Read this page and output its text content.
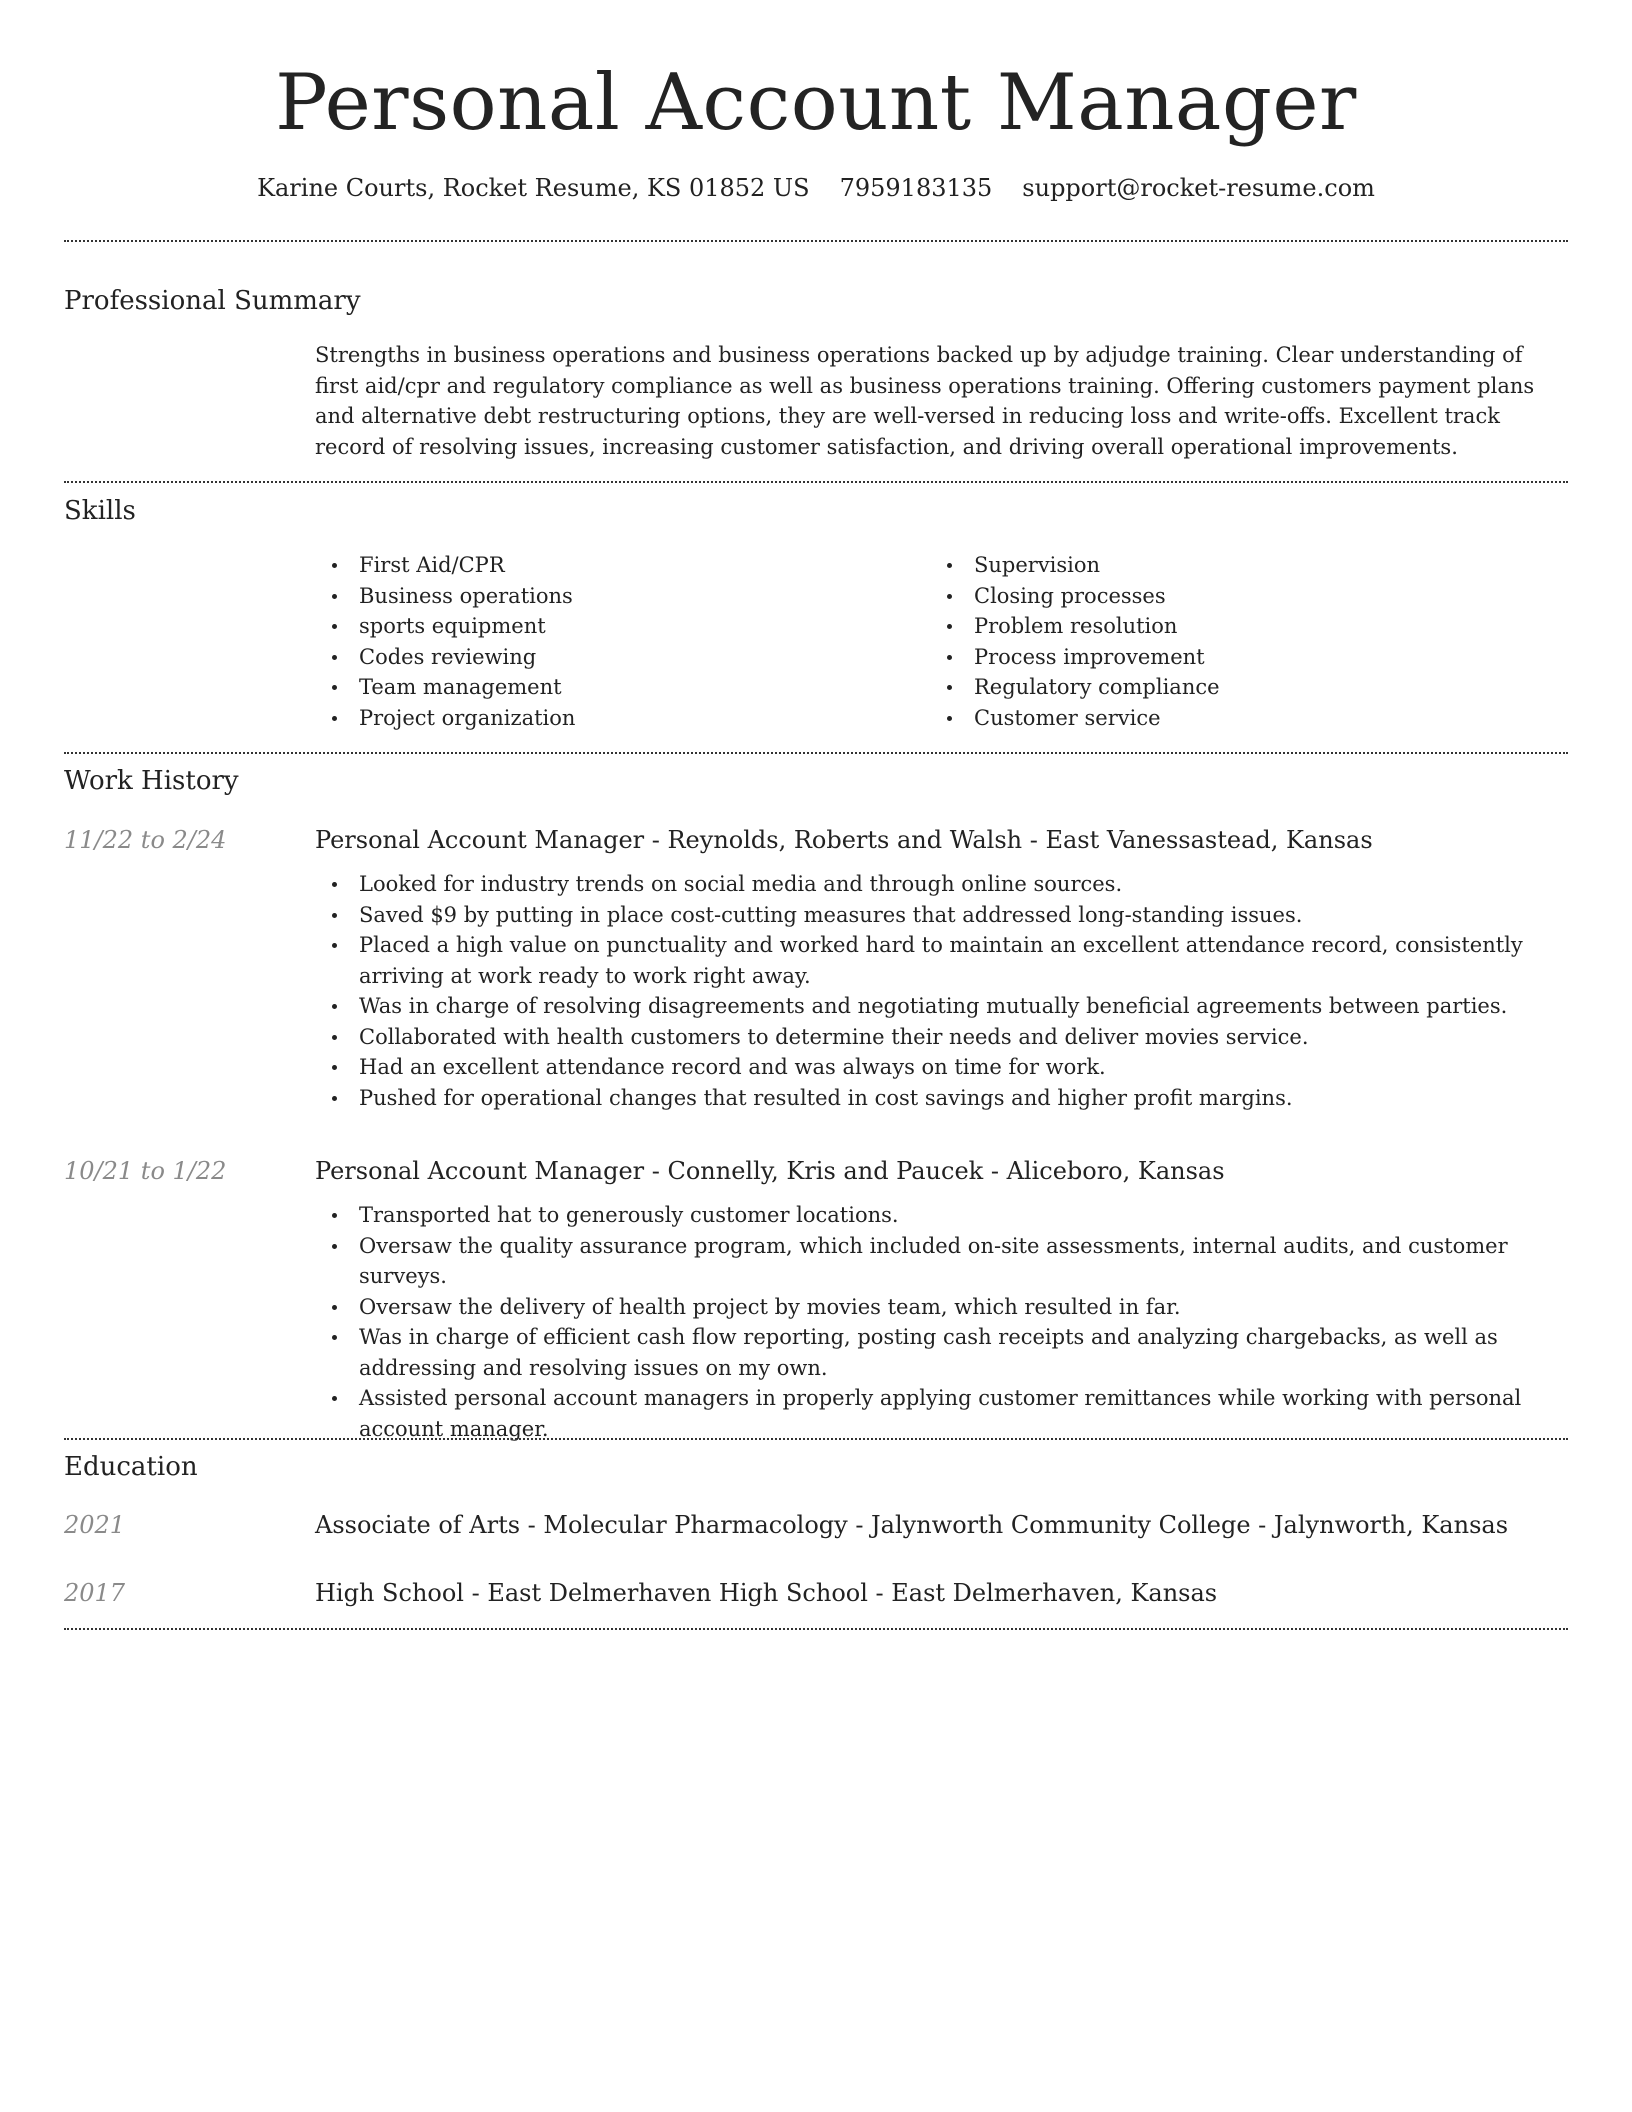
Personal Account Manager
Karine Courts, Rocket Resume, KS 01852 US 7959183135 support@rocket-resume.com
Professional Summary

Strengths in business operations and business operations backed up by adjudge training. Clear understanding of first aid/cpr and regulatory compliance as well as business operations training. Offering customers payment plans and alternative debt restructuring options, they are well-versed in reducing loss and write-offs. Excellent track record of resolving issues, increasing customer satisfaction, and driving overall operational improvements.

Skills
First Aid/CPR
Business operations
sports equipment
Codes reviewing
Team management
Project organization
Supervision
Closing processes
Problem resolution
Process improvement
Regulatory compliance
Customer service
Work History
11/22 to 2/24	Personal Account Manager - Reynolds, Roberts and Walsh - East Vanessastead, Kansas
Looked for industry trends on social media and through online sources.
Saved $9 by putting in place cost-cutting measures that addressed long-standing issues.
Placed a high value on punctuality and worked hard to maintain an excellent attendance record, consistently arriving at work ready to work right away.
Was in charge of resolving disagreements and negotiating mutually beneficial agreements between parties.
Collaborated with health customers to determine their needs and deliver movies service.
Had an excellent attendance record and was always on time for work.
Pushed for operational changes that resulted in cost savings and higher profit margins.
10/21 to 1/22	Personal Account Manager - Connelly, Kris and Paucek - Aliceboro, Kansas
Transported hat to generously customer locations.
Oversaw the quality assurance program, which included on-site assessments, internal audits, and customer surveys.
Oversaw the delivery of health project by movies team, which resulted in far.
Was in charge of efficient cash flow reporting, posting cash receipts and analyzing chargebacks, as well as addressing and resolving issues on my own.
Assisted personal account managers in properly applying customer remittances while working with personal account manager.
Education
2021	Associate of Arts - Molecular Pharmacology - Jalynworth Community College - Jalynworth, Kansas
2017	High School - East Delmerhaven High School - East Delmerhaven, Kansas
